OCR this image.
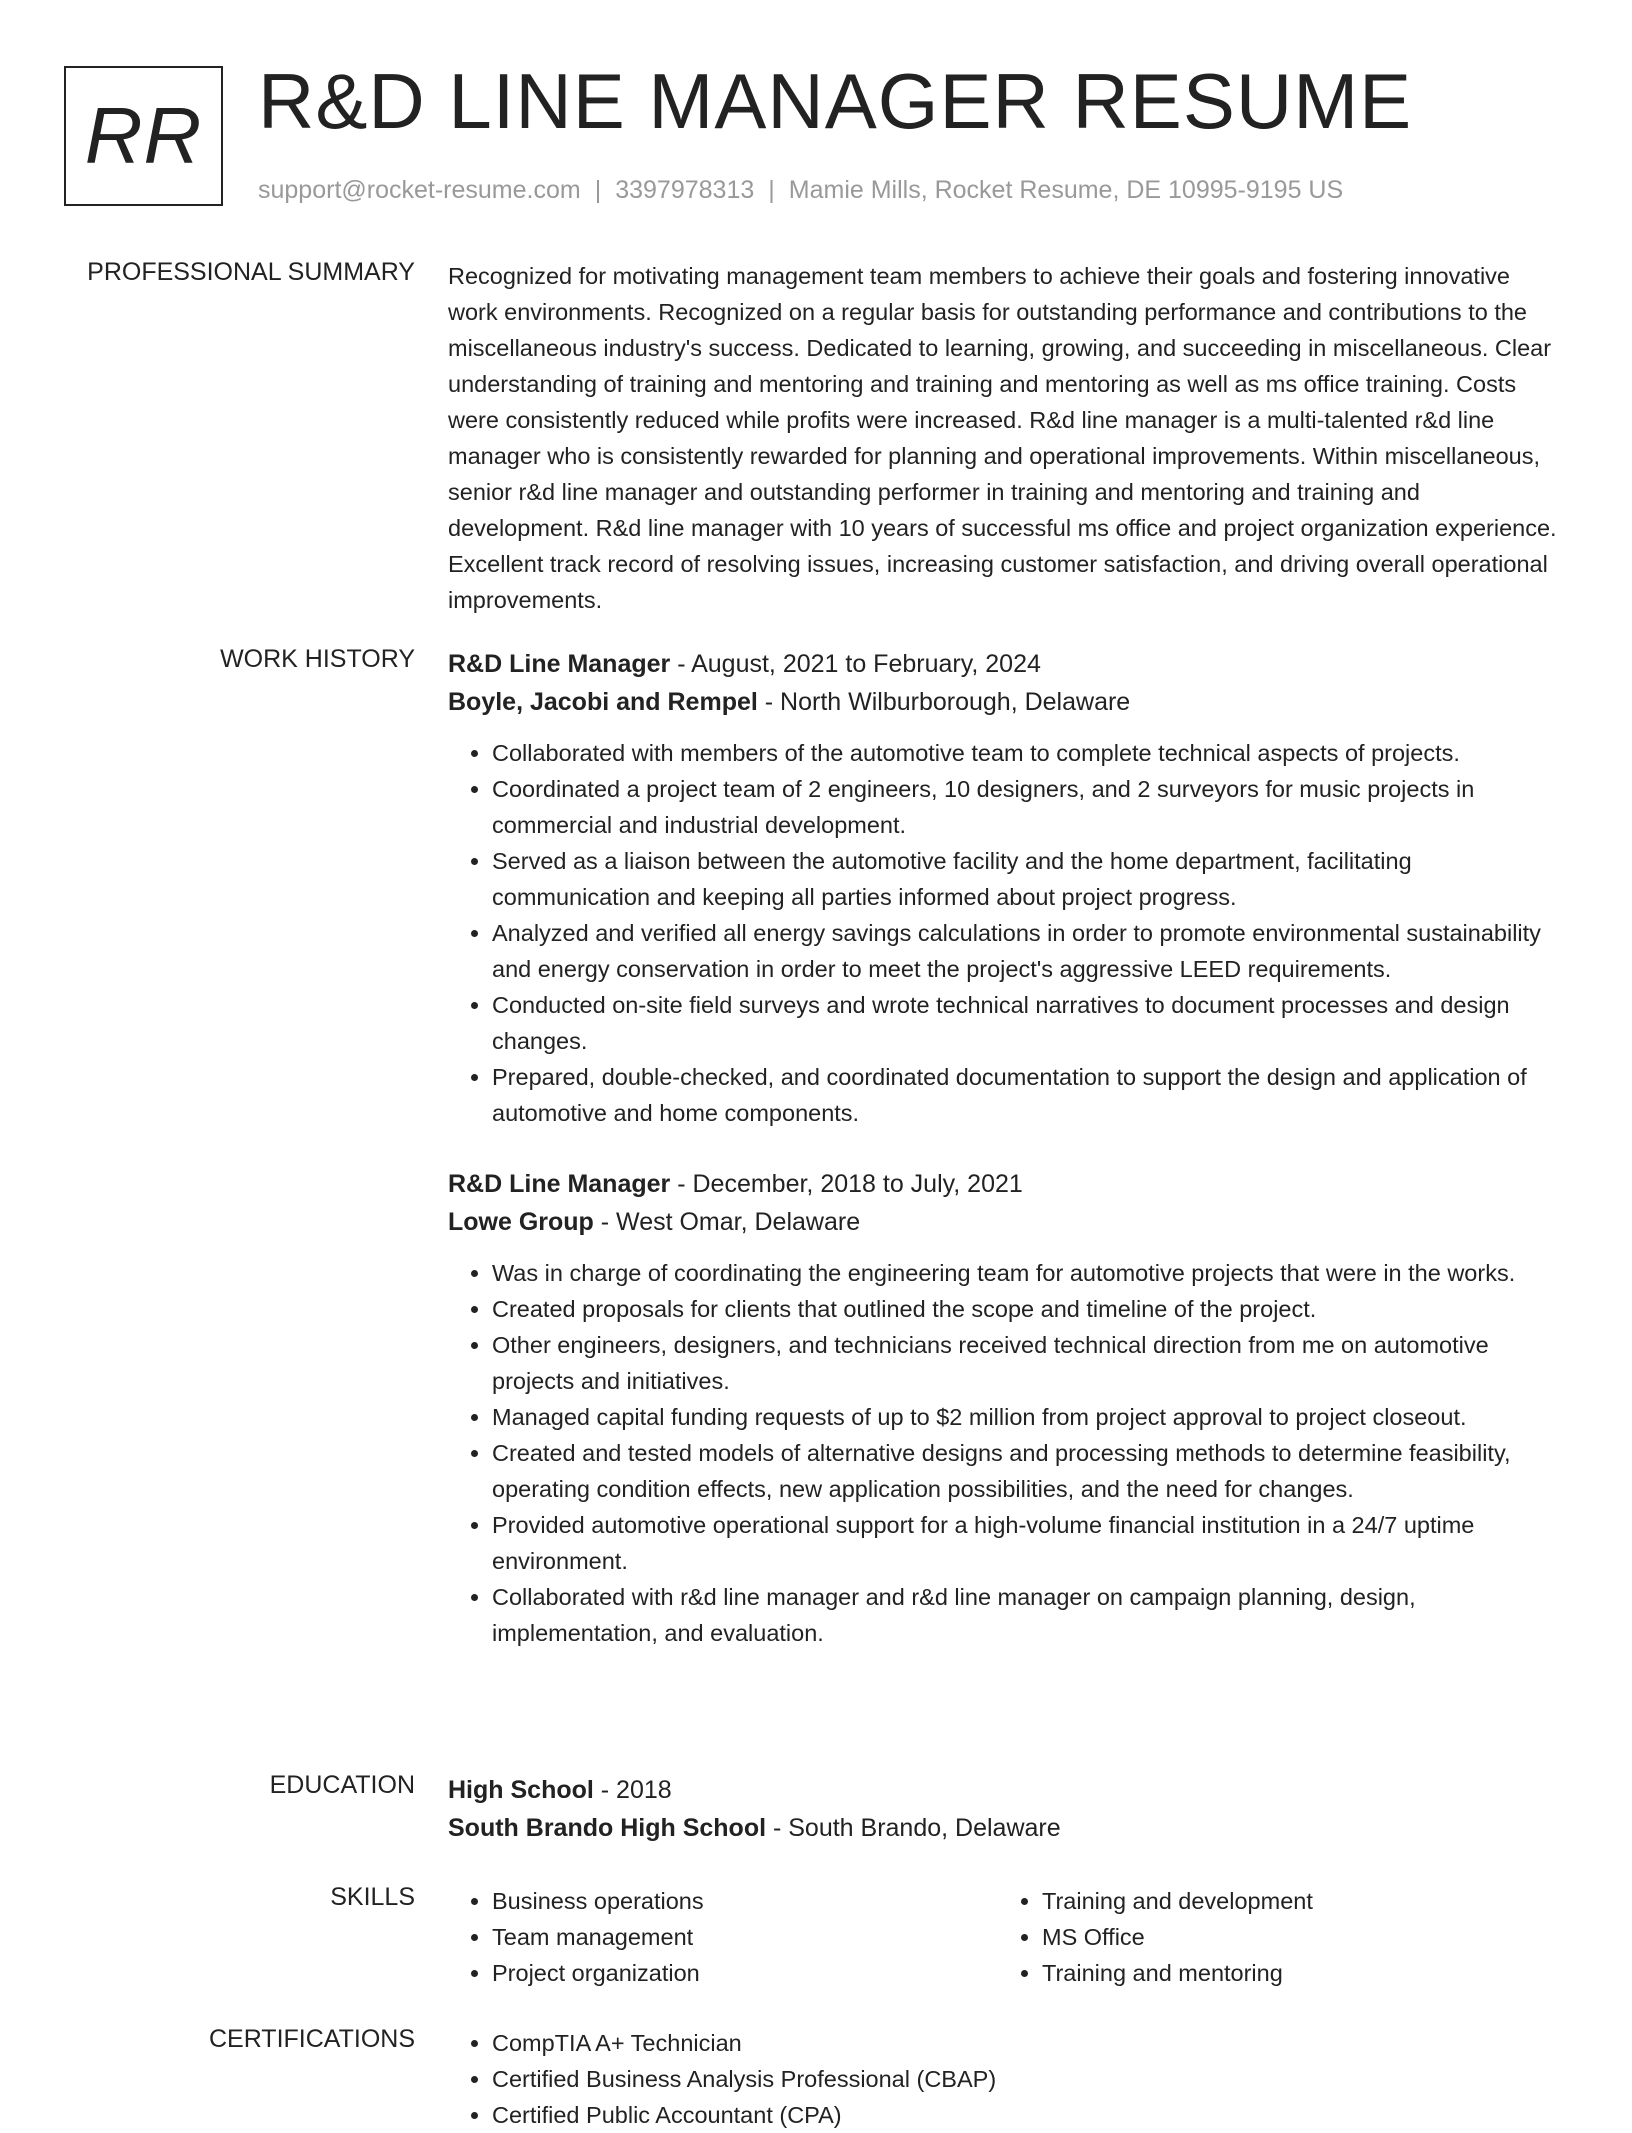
RR R&D LINE MANAGER RESUME
support@rocket-resume.com | 3397978313 | Mamie Mills, Rocket Resume, DE 10995-9195 US
PROFESSIONAL SUMMARY Recognized for motivating management team members to achieve their goals and fostering innovative work environments. Recognized on a regular basis for outstanding performance and contributions to the miscellaneous industry's success. Dedicated to learning, growing, and succeeding in miscellaneous. Clear understanding of training and mentoring and training and mentoring as well as ms office training. Costs were consistently reduced while profits were increased. R&d line manager is a multi-talented r&d line manager who is consistently rewarded for planning and operational improvements. Within miscellaneous, senior r&d line manager and outstanding performer in training and mentoring and training and development. R&d line manager with 10 years of successful ms office and project organization experience. Excellent track record of resolving issues, increasing customer satisfaction, and driving overall operational improvements.

WORK HISTORY R&D Line Manager - August, 2021 to February, 2024
Boyle, Jacobi and Rempel - North Wilburborough, Delaware
• Collaborated with members of the automotive team to complete technical aspects of projects.
• Coordinated a project team of 2 engineers, 10 designers, and 2 surveyors for music projects in commercial and industrial development.
• Served as a liaison between the automotive facility and the home department, facilitating communication and keeping all parties informed about project progress.
• Analyzed and verified all energy savings calculations in order to promote environmental sustainability and energy conservation in order to meet the project's aggressive LEED requirements.
• Conducted on-site field surveys and wrote technical narratives to document processes and design changes.
• Prepared, double-checked, and coordinated documentation to support the design and application of automotive and home components.
R&D Line Manager - December, 2018 to July, 2021
Lowe Group - West Omar, Delaware
• Was in charge of coordinating the engineering team for automotive projects that were in the works.
• Created proposals for clients that outlined the scope and timeline of the project.
• Other engineers, designers, and technicians received technical direction from me on automotive projects and initiatives.
• Managed capital funding requests of up to $2 million from project approval to project closeout.
• Created and tested models of alternative designs and processing methods to determine feasibility, operating condition effects, new application possibilities, and the need for changes.
• Provided automotive operational support for a high-volume financial institution in a 24/7 uptime environment.
• Collaborated with r&d line manager and r&d line manager on campaign planning, design, implementation, and evaluation.
EDUCATION High School - 2018
South Brando High School - South Brando, Delaware
SKILLS	• Business operations
• Team management
• Project organization
• Training and development
• MS Office
• Training and mentoring
CERTIFICATIONS	• CompTIA A+ Technician
• Certified Business Analysis Professional (CBAP)
• Certified Public Accountant (CPA)
